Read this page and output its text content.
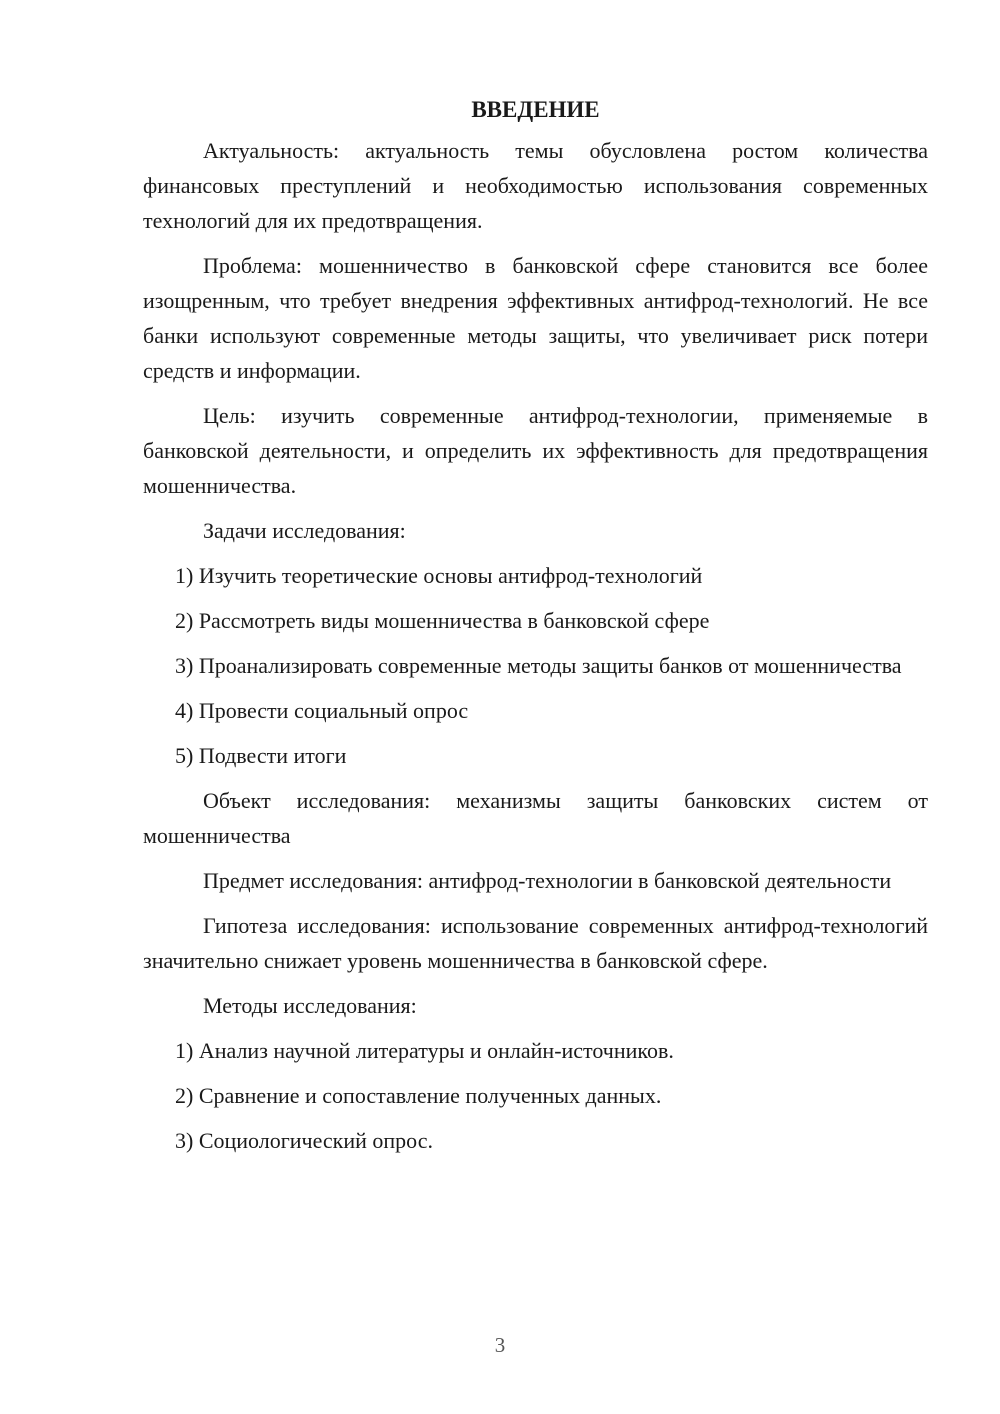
ВВЕДЕНИЕ

Актуальность: актуальность темы обусловлена ростом количества финансовых преступлений и необходимостью использования современных технологий для их предотвращения.

Проблема: мошенничество в банковской сфере становится все более изощренным, что требует внедрения эффективных антифрод-технологий. Не все банки используют современные методы защиты, что увеличивает риск потери средств и информации.

Цель: изучить современные антифрод-технологии, применяемые в банковской деятельности, и определить их эффективность для предотвращения мошенничества.

Задачи исследования:

1) Изучить теоретические основы антифрод-технологий

2) Рассмотреть виды мошенничества в банковской сфере

3) Проанализировать современные методы защиты банков от мошенничества

4) Провести социальный опрос

5) Подвести итоги

Объект исследования: механизмы защиты банковских систем от мошенничества

Предмет исследования: антифрод-технологии в банковской деятельности

Гипотеза исследования: использование современных антифрод-технологий значительно снижает уровень мошенничества в банковской сфере.

Методы исследования:

1) Анализ научной литературы и онлайн-источников.

2) Сравнение и сопоставление полученных данных.

3) Социологический опрос.

3
